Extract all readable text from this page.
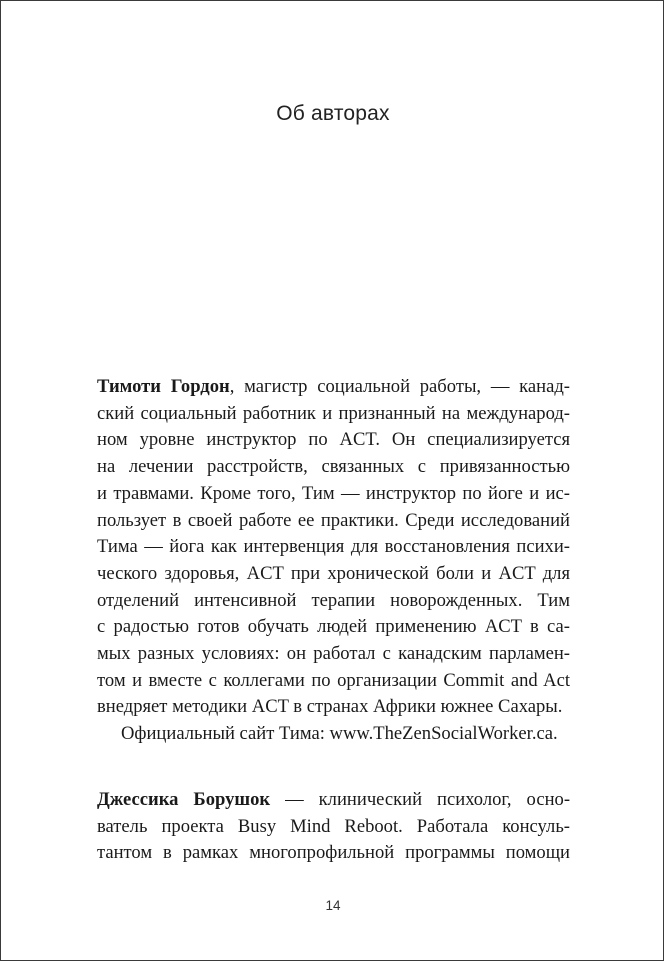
Об авторах

Тимоти Гордон, магистр социальной работы, — канад-
ский социальный работник и признанный на международ-
ном уровне инструктор по ACT. Он специализируется
на лечении расстройств, связанных с привязанностью
и травмами. Кроме того, Тим — инструктор по йоге и ис-
пользует в своей работе ее практики. Среди исследований
Тима — йога как интервенция для восстановления психи-
ческого здоровья, ACT при хронической боли и ACT для
отделений интенсивной терапии новорожденных. Тим
с радостью готов обучать людей применению ACT в са-
мых разных условиях: он работал с канадским парламен-
том и вместе с коллегами по организации Commit and Act
внедряет методики ACT в странах Африки южнее Сахары.

Официальный сайт Тима: www.TheZenSocialWorker.ca.

Джессика Борушок — клинический психолог, осно-
ватель проекта Busy Mind Reboot. Работала консуль-
тантом в рамках многопрофильной программы помощи

14
